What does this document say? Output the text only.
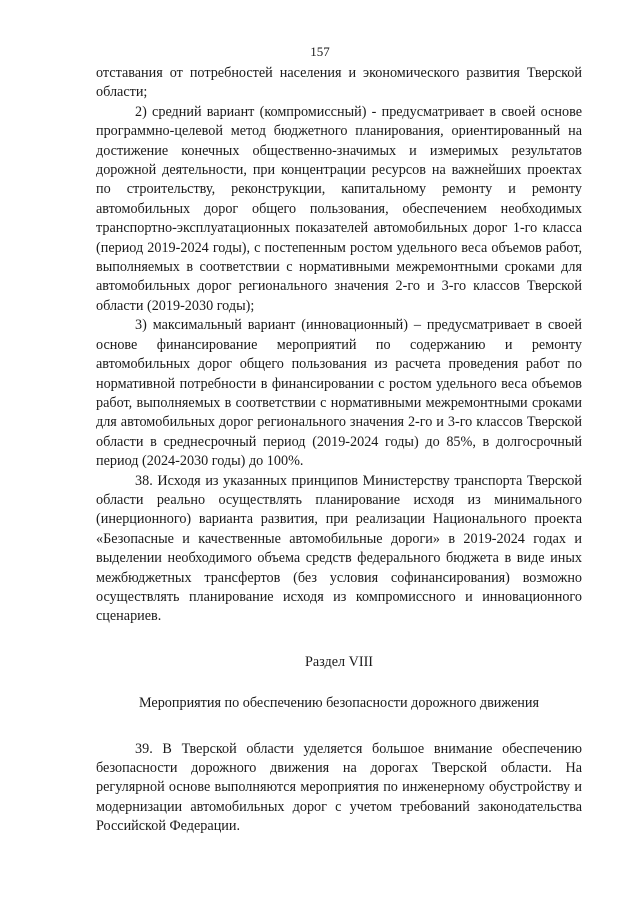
157

отставания от потребностей населения и экономического развития Тверской области;

2) средний вариант (компромиссный) - предусматривает в своей основе программно-целевой метод бюджетного планирования, ориентированный на достижение конечных общественно-значимых и измеримых результатов дорожной деятельности, при концентрации ресурсов на важнейших проектах по строительству, реконструкции, капитальному ремонту и ремонту автомобильных дорог общего пользования, обеспечением необходимых транспортно-эксплуатационных показателей автомобильных дорог 1-го класса (период 2019-2024 годы), с постепенным ростом удельного веса объемов работ, выполняемых в соответствии с нормативными межремонтными сроками для автомобильных дорог регионального значения 2-го и 3-го классов Тверской области (2019-2030 годы);

3) максимальный вариант (инновационный) – предусматривает в своей основе финансирование мероприятий по содержанию и ремонту автомобильных дорог общего пользования из расчета проведения работ по нормативной потребности в финансировании с ростом удельного веса объемов работ, выполняемых в соответствии с нормативными межремонтными сроками для автомобильных дорог регионального значения 2-го и 3-го классов Тверской области в среднесрочный период (2019-2024 годы) до 85%, в долгосрочный период (2024-2030 годы) до 100%.

38. Исходя из указанных принципов Министерству транспорта Тверской области реально осуществлять планирование исходя из минимального (инерционного) варианта развития, при реализации Национального проекта «Безопасные и качественные автомобильные дороги» в 2019-2024 годах и выделении необходимого объема средств федерального бюджета в виде иных межбюджетных трансфертов (без условия софинансирования) возможно осуществлять планирование исходя из компромиссного и инновационного сценариев.

Раздел VIII

Мероприятия по обеспечению безопасности дорожного движения

39. В Тверской области уделяется большое внимание обеспечению безопасности дорожного движения на дорогах Тверской области. На регулярной основе выполняются мероприятия по инженерному обустройству и модернизации автомобильных дорог с учетом требований законодательства Российской Федерации.
